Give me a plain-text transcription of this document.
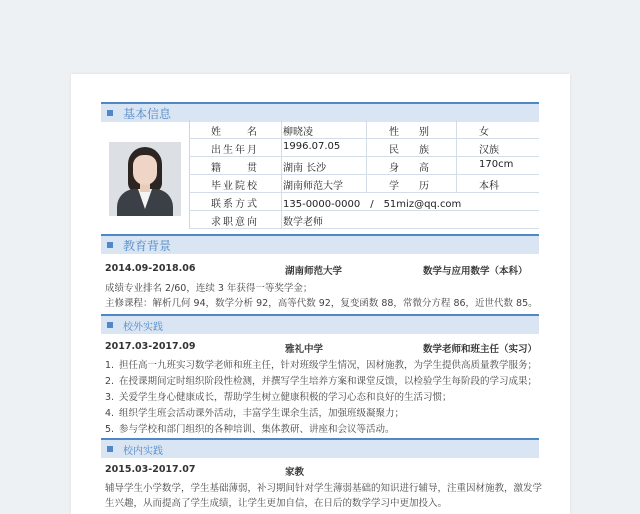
基本信息
姓　名	柳晓凌	性　别	女
出生年月	1996.07.05	民　族	汉族
籍　贯	湖南 长沙	身　高	170cm
毕业院校	湖南师范大学	学　历	本科
联系方式	135-0000-0000　/　51miz@qq.com
求职意向	数学老师
教育背景
2014.09-2018.06	湖南师范大学	数学与应用数学（本科）
成绩专业排名 2/60，连续 3 年获得一等奖学金；
主修课程：解析几何 94，数学分析 92，高等代数 92，复变函数 88，常微分方程 86，近世代数 85。
校外实践
2017.03-2017.09	雅礼中学	数学老师和班主任（实习）
1. 担任高一九班实习数学老师和班主任，针对班级学生情况，因材施教，为学生提供高质量教学服务；
2. 在授课期间定时组织阶段性检测，并撰写学生培养方案和课堂反馈，以检验学生每阶段的学习成果；
3. 关爱学生身心健康成长，帮助学生树立健康积极的学习心态和良好的生活习惯；
4. 组织学生班会活动课外活动，丰富学生课余生活，加强班级凝聚力；
5. 参与学校和部门组织的各种培训、集体教研、讲座和会议等活动。
校内实践
2015.03-2017.07	家教
辅导学生小学数学，学生基础薄弱，补习期间针对学生薄弱基础的知识进行辅导，注重因材施教，激发学
生兴趣，从而提高了学生成绩，让学生更加自信，在日后的数学学习中更加投入。
